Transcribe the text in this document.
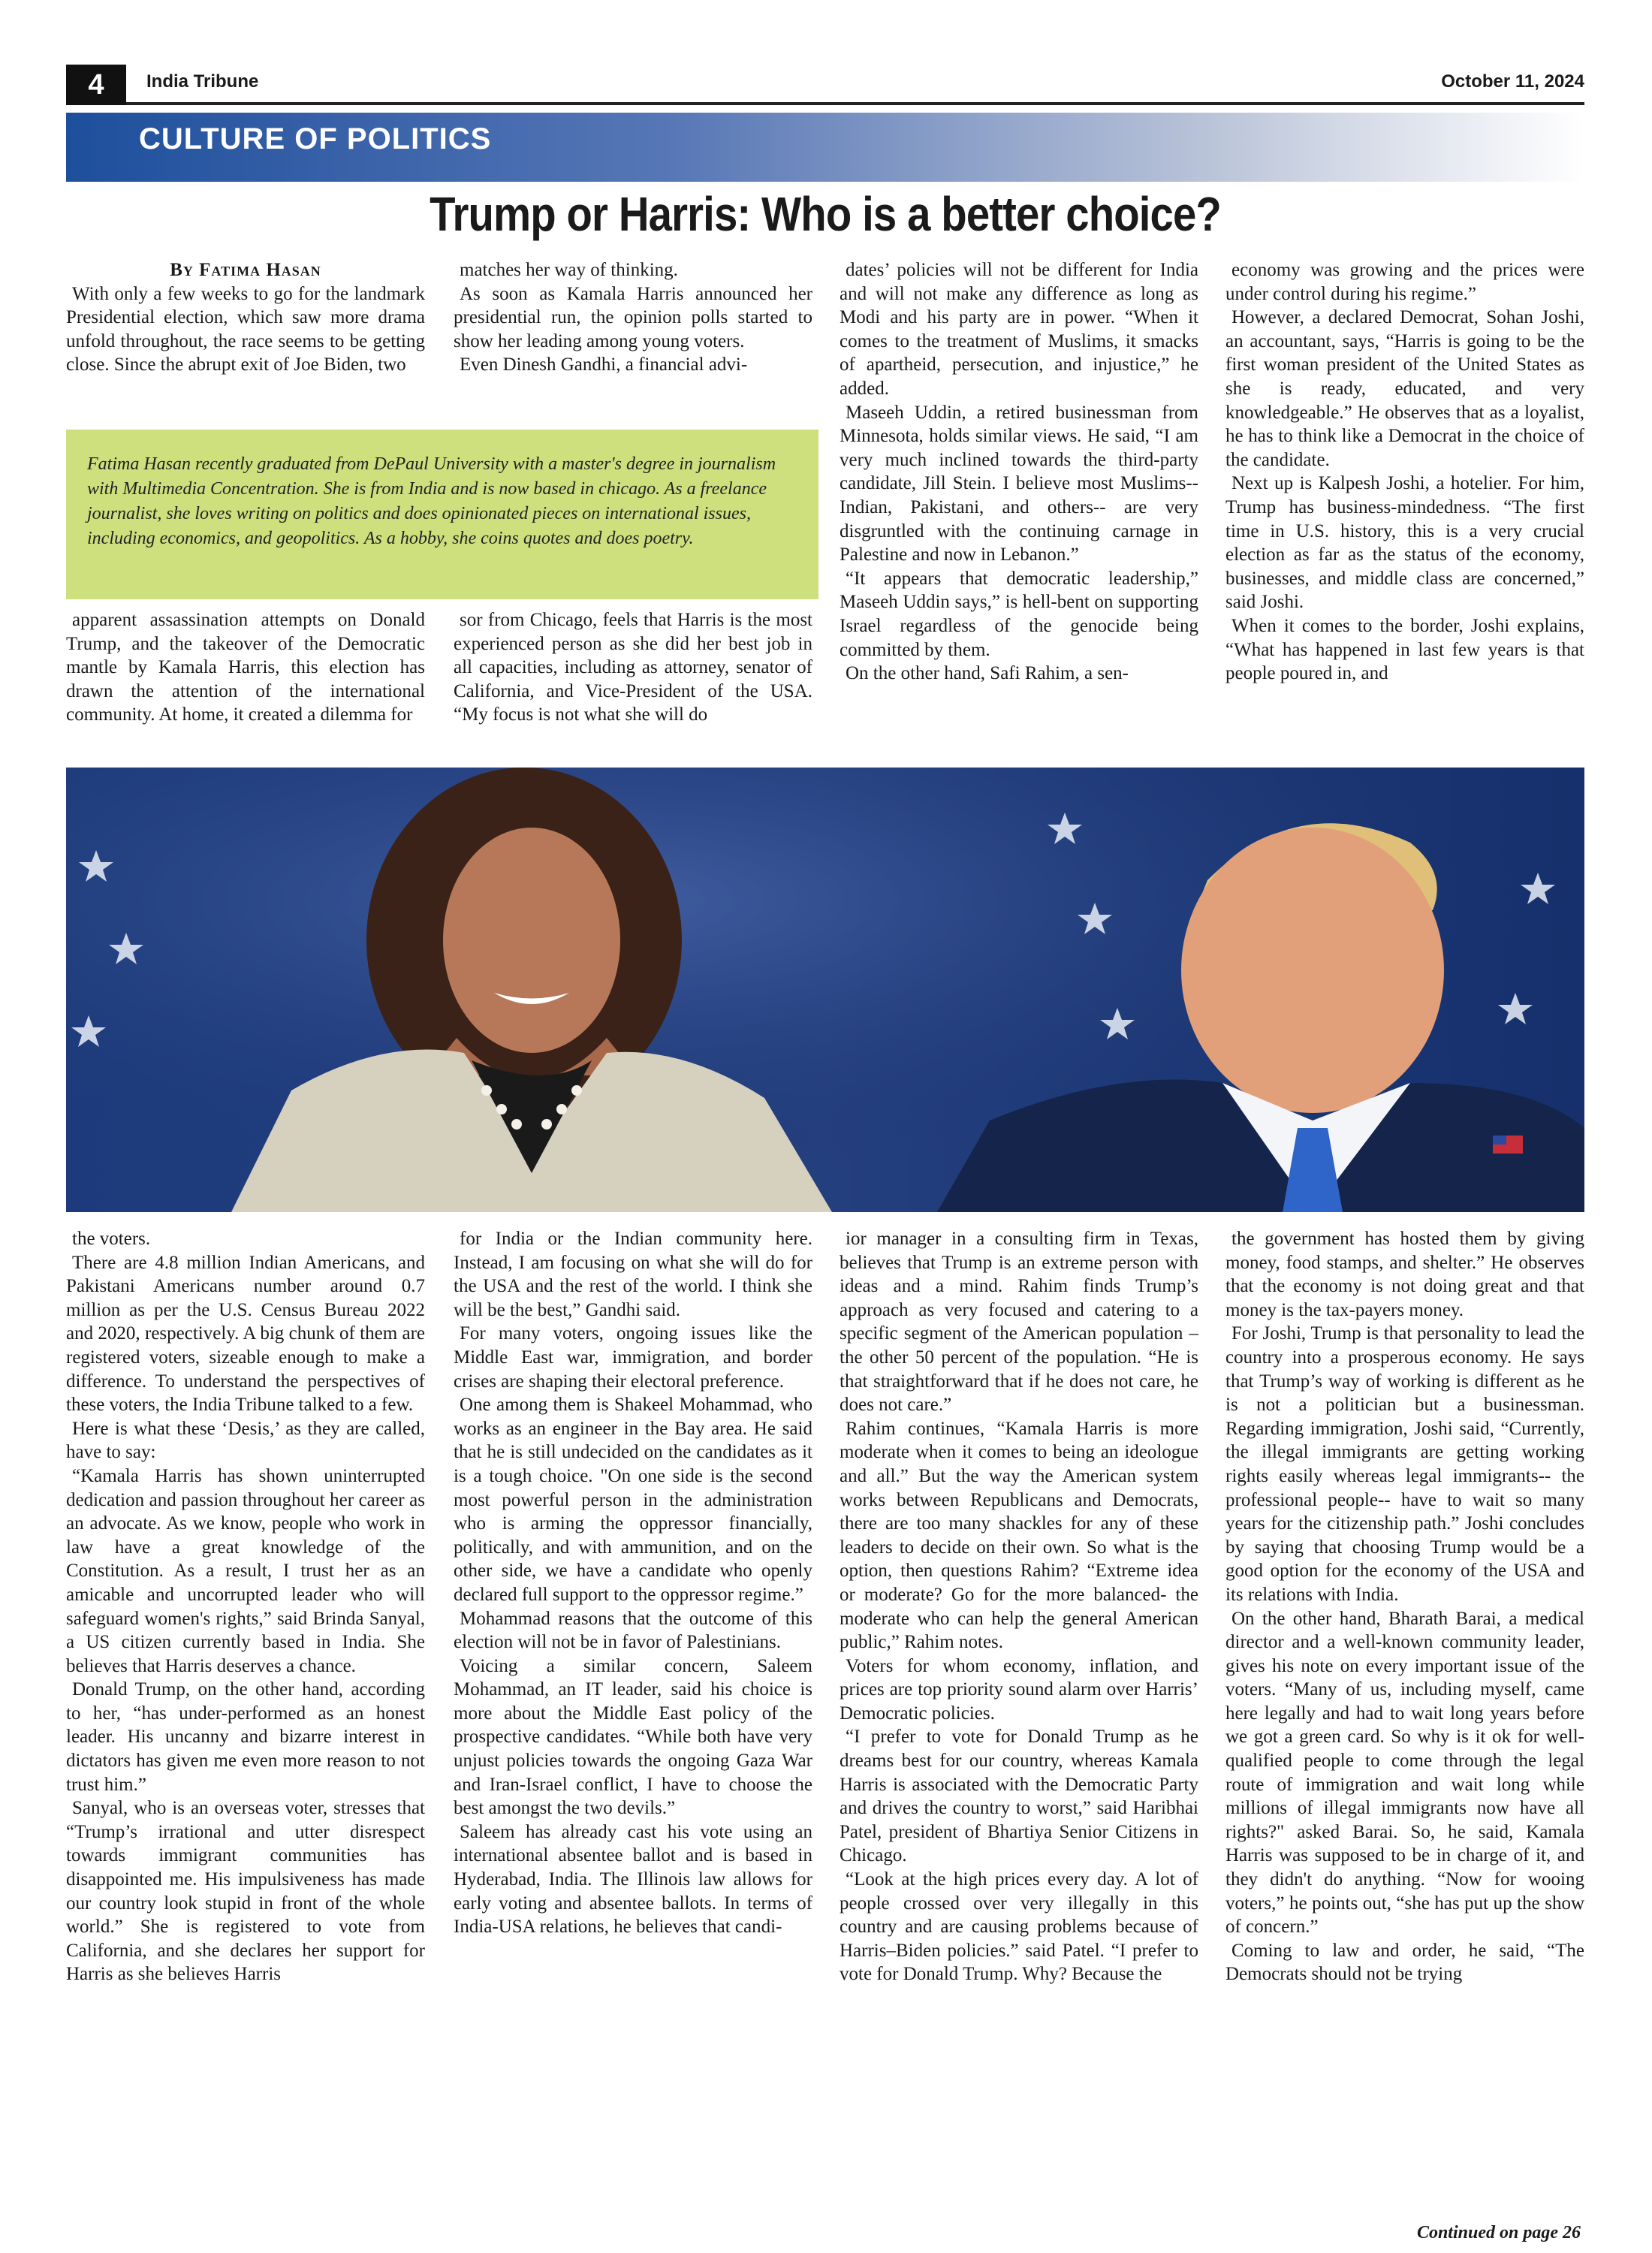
4	India Tribune	October 11, 2024
CULTURE OF POLITICS
Trump or Harris: Who is a better choice?

By Fatima Hasan

With only a few weeks to go for the landmark Presidential election, which saw more drama unfold throughout, the race seems to be getting close. Since the abrupt exit of Joe Biden, two

matches her way of thinking.

As soon as Kamala Harris announced her presidential run, the opinion polls started to show her leading among young voters.

Even Dinesh Gandhi, a financial advi-

Fatima Hasan recently graduated from DePaul University with a master's degree in journalism with Multimedia Concentration. She is from India and is now based in chicago. As a freelance journalist, she loves writing on politics and does opinionated pieces on international issues, including economics, and geopolitics. As a hobby, she coins quotes and does poetry.

apparent assassination attempts on Donald Trump, and the takeover of the Democratic mantle by Kamala Harris, this election has drawn the attention of the international community. At home, it created a dilemma for

sor from Chicago, feels that Harris is the most experienced person as she did her best job in all capacities, including as attorney, senator of California, and Vice-President of the USA. “My focus is not what she will do

dates’ policies will not be different for India and will not make any difference as long as Modi and his party are in power. “When it comes to the treatment of Muslims, it smacks of apartheid, persecution, and injustice,” he added.

Maseeh Uddin, a retired businessman from Minnesota, holds similar views. He said, “I am very much inclined towards the third-party candidate, Jill Stein. I believe most Muslims--Indian, Pakistani, and others-- are very disgruntled with the continuing carnage in Palestine and now in Lebanon.”

“It appears that democratic leadership,” Maseeh Uddin says,” is hell-bent on supporting Israel regardless of the genocide being committed by them.

On the other hand, Safi Rahim, a sen-

economy was growing and the prices were under control during his regime.”

However, a declared Democrat, Sohan Joshi, an accountant, says, “Harris is going to be the first woman president of the United States as she is ready, educated, and very knowledgeable.” He observes that as a loyalist, he has to think like a Democrat in the choice of the candidate.

Next up is Kalpesh Joshi, a hotelier. For him, Trump has business-mindedness. “The first time in U.S. history, this is a very crucial election as far as the status of the economy, businesses, and middle class are concerned,” said Joshi.

When it comes to the border, Joshi explains, “What has happened in last few years is that people poured in, and

the voters.

There are 4.8 million Indian Americans, and Pakistani Americans number around 0.7 million as per the U.S. Census Bureau 2022 and 2020, respectively. A big chunk of them are registered voters, sizeable enough to make a difference. To understand the perspectives of these voters, the India Tribune talked to a few.

Here is what these ‘Desis,’ as they are called, have to say:

“Kamala Harris has shown uninterrupted dedication and passion throughout her career as an advocate. As we know, people who work in law have a great knowledge of the Constitution. As a result, I trust her as an amicable and uncorrupted leader who will safeguard women's rights,” said Brinda Sanyal, a US citizen currently based in India. She believes that Harris deserves a chance.

Donald Trump, on the other hand, according to her, “has under-performed as an honest leader. His uncanny and bizarre interest in dictators has given me even more reason to not trust him.”

Sanyal, who is an overseas voter, stresses that “Trump’s irrational and utter disrespect towards immigrant communities has disappointed me. His impulsiveness has made our country look stupid in front of the whole world.” She is registered to vote from California, and she declares her support for Harris as she believes Harris

for India or the Indian community here. Instead, I am focusing on what she will do for the USA and the rest of the world. I think she will be the best,” Gandhi said.

For many voters, ongoing issues like the Middle East war, immigration, and border crises are shaping their electoral preference.

One among them is Shakeel Mohammad, who works as an engineer in the Bay area. He said that he is still undecided on the candidates as it is a tough choice. "On one side is the second most powerful person in the administration who is arming the oppressor financially, politically, and with ammunition, and on the other side, we have a candidate who openly declared full support to the oppressor regime.”

Mohammad reasons that the outcome of this election will not be in favor of Palestinians.

Voicing a similar concern, Saleem Mohammad, an IT leader, said his choice is more about the Middle East policy of the prospective candidates. “While both have very unjust policies towards the ongoing Gaza War and Iran-Israel conflict, I have to choose the best amongst the two devils.”

Saleem has already cast his vote using an international absentee ballot and is based in Hyderabad, India. The Illinois law allows for early voting and absentee ballots. In terms of India-USA relations, he believes that candi-

ior manager in a consulting firm in Texas, believes that Trump is an extreme person with ideas and a mind. Rahim finds Trump’s approach as very focused and catering to a specific segment of the American population – the other 50 percent of the population. “He is that straightforward that if he does not care, he does not care.”

Rahim continues, “Kamala Harris is more moderate when it comes to being an ideologue and all.” But the way the American system works between Republicans and Democrats, there are too many shackles for any of these leaders to decide on their own. So what is the option, then questions Rahim? “Extreme idea or moderate? Go for the more balanced- the moderate who can help the general American public,” Rahim notes.

Voters for whom economy, inflation, and prices are top priority sound alarm over Harris’ Democratic policies.

“I prefer to vote for Donald Trump as he dreams best for our country, whereas Kamala Harris is associated with the Democratic Party and drives the country to worst,” said Haribhai Patel, president of Bhartiya Senior Citizens in Chicago.

“Look at the high prices every day. A lot of people crossed over very illegally in this country and are causing problems because of Harris–Biden policies.” said Patel. “I prefer to vote for Donald Trump. Why? Because the

the government has hosted them by giving money, food stamps, and shelter.” He observes that the economy is not doing great and that money is the tax-payers money.

For Joshi, Trump is that personality to lead the country into a prosperous economy. He says that Trump’s way of working is different as he is not a politician but a businessman. Regarding immigration, Joshi said, “Currently, the illegal immigrants are getting working rights easily whereas legal immigrants-- the professional people-- have to wait so many years for the citizenship path.” Joshi concludes by saying that choosing Trump would be a good option for the economy of the USA and its relations with India.

On the other hand, Bharath Barai, a medical director and a well-known community leader, gives his note on every important issue of the voters. “Many of us, including myself, came here legally and had to wait long years before we got a green card. So why is it ok for well-qualified people to come through the legal route of immigration and wait long while millions of illegal immigrants now have all rights?" asked Barai. So, he said, Kamala Harris was supposed to be in charge of it, and they didn't do anything. “Now for wooing voters,” he points out, “she has put up the show of concern.”

Coming to law and order, he said, “The Democrats should not be trying

Continued on page 26
